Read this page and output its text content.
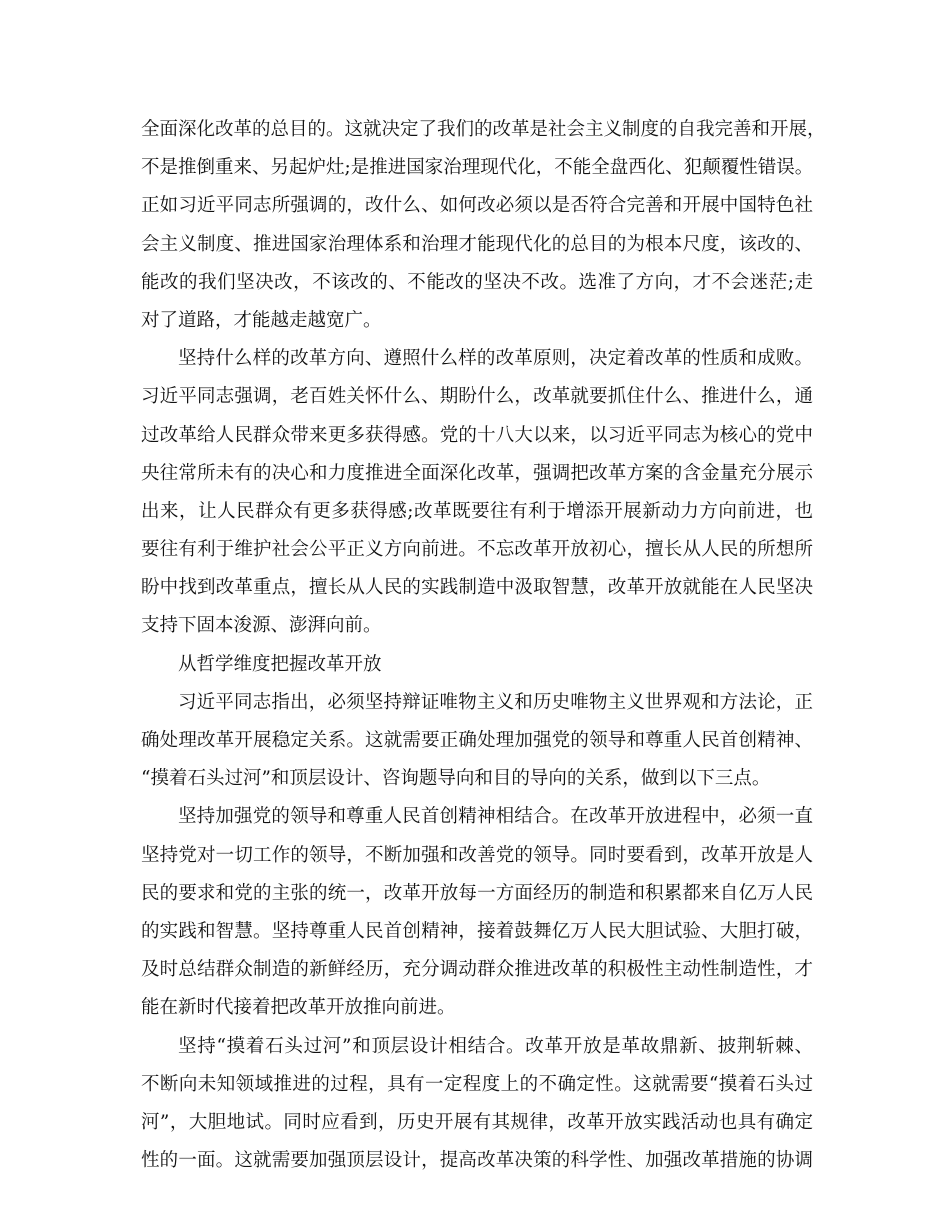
全面深化改革的总目的。这就决定了我们的改革是社会主义制度的自我完善和开展，
不是推倒重来、另起炉灶;是推进国家治理现代化，不能全盘西化、犯颠覆性错误。
正如习近平同志所强调的，改什么、如何改必须以是否符合完善和开展中国特色社
会主义制度、推进国家治理体系和治理才能现代化的总目的为根本尺度，该改的、
能改的我们坚决改，不该改的、不能改的坚决不改。选准了方向，才不会迷茫;走
对了道路，才能越走越宽广。
坚持什么样的改革方向、遵照什么样的改革原则，决定着改革的性质和成败。
习近平同志强调，老百姓关怀什么、期盼什么，改革就要抓住什么、推进什么，通
过改革给人民群众带来更多获得感。党的十八大以来，以习近平同志为核心的党中
央往常所未有的决心和力度推进全面深化改革，强调把改革方案的含金量充分展示
出来，让人民群众有更多获得感;改革既要往有利于增添开展新动力方向前进，也
要往有利于维护社会公平正义方向前进。不忘改革开放初心，擅长从人民的所想所
盼中找到改革重点，擅长从人民的实践制造中汲取智慧，改革开放就能在人民坚决
支持下固本浚源、澎湃向前。
从哲学维度把握改革开放
习近平同志指出，必须坚持辩证唯物主义和历史唯物主义世界观和方法论，正
确处理改革开展稳定关系。这就需要正确处理加强党的领导和尊重人民首创精神、
“摸着石头过河”和顶层设计、咨询题导向和目的导向的关系，做到以下三点。
坚持加强党的领导和尊重人民首创精神相结合。在改革开放进程中，必须一直
坚持党对一切工作的领导，不断加强和改善党的领导。同时要看到，改革开放是人
民的要求和党的主张的统一，改革开放每一方面经历的制造和积累都来自亿万人民
的实践和智慧。坚持尊重人民首创精神，接着鼓舞亿万人民大胆试验、大胆打破，
及时总结群众制造的新鲜经历，充分调动群众推进改革的积极性主动性制造性，才
能在新时代接着把改革开放推向前进。
坚持“摸着石头过河”和顶层设计相结合。改革开放是革故鼎新、披荆斩棘、
不断向未知领域推进的过程，具有一定程度上的不确定性。这就需要“摸着石头过
河”，大胆地试。同时应看到，历史开展有其规律，改革开放实践活动也具有确定
性的一面。这就需要加强顶层设计，提高改革决策的科学性、加强改革措施的协调
